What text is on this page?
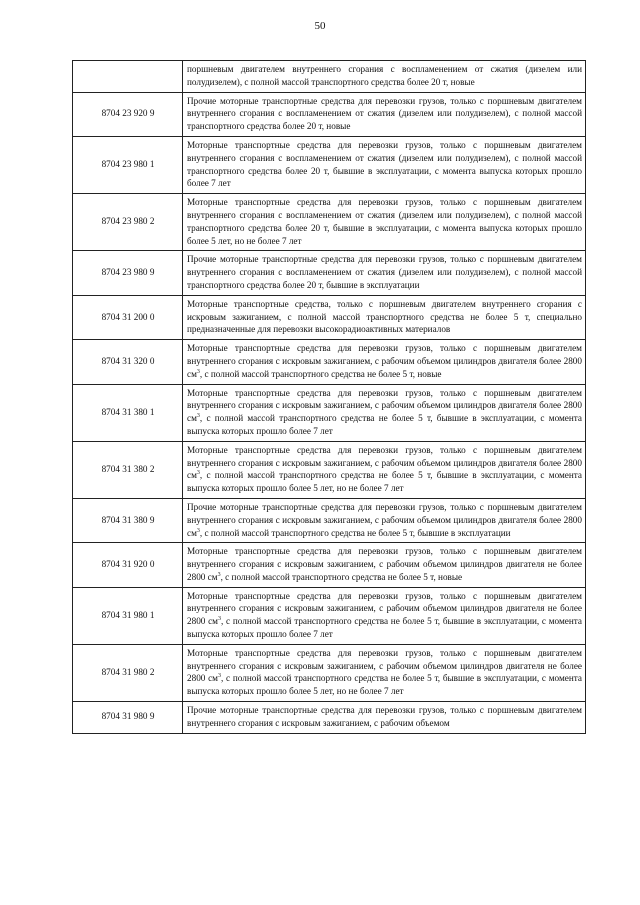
50
	поршневым двигателем внутреннего сгорания с воспламенением от сжатия (дизелем или полудизелем), с полной массой транспортного средства более 20 т, новые
8704 23 920 9	Прочие моторные транспортные средства для перевозки грузов, только с поршневым двигателем внутреннего сгорания с воспламенением от сжатия (дизелем или полудизелем), с полной массой транспортного средства более 20 т, новые
8704 23 980 1	Моторные транспортные средства для перевозки грузов, только с поршневым двигателем внутреннего сгорания с воспламенением от сжатия (дизелем или полудизелем), с полной массой транспортного средства более 20 т, бывшие в эксплуатации, с момента выпуска которых прошло более 7 лет
8704 23 980 2	Моторные транспортные средства для перевозки грузов, только с поршневым двигателем внутреннего сгорания с воспламенением от сжатия (дизелем или полудизелем), с полной массой транспортного средства более 20 т, бывшие в эксплуатации, с момента выпуска которых прошло более 5 лет, но не более 7 лет
8704 23 980 9	Прочие моторные транспортные средства для перевозки грузов, только с поршневым двигателем внутреннего сгорания с воспламенением от сжатия (дизелем или полудизелем), с полной массой транспортного средства более 20 т, бывшие в эксплуатации
8704 31 200 0	Моторные транспортные средства, только с поршневым двигателем внутреннего сгорания с искровым зажиганием, с полной массой транспортного средства не более 5 т, специально предназначенные для перевозки высокорадиоактивных материалов
8704 31 320 0	Моторные транспортные средства для перевозки грузов, только с поршневым двигателем внутреннего сгорания с искровым зажиганием, с рабочим объемом цилиндров двигателя более 2800 $см^3$, с полной массой транспортного средства не более 5 т, новые
8704 31 380 1	Моторные транспортные средства для перевозки грузов, только с поршневым двигателем внутреннего сгорания с искровым зажиганием, с рабочим объемом цилиндров двигателя более 2800 $см^3$, с полной массой транспортного средства не более 5 т, бывшие в эксплуатации, с момента выпуска которых прошло более 7 лет
8704 31 380 2	Моторные транспортные средства для перевозки грузов, только с поршневым двигателем внутреннего сгорания с искровым зажиганием, с рабочим объемом цилиндров двигателя более 2800 $см^3$, с полной массой транспортного средства не более 5 т, бывшие в эксплуатации, с момента выпуска которых прошло более 5 лет, но не более 7 лет
8704 31 380 9	Прочие моторные транспортные средства для перевозки грузов, только с поршневым двигателем внутреннего сгорания с искровым зажиганием, с рабочим объемом цилиндров двигателя более 2800 $см^3$, с полной массой транспортного средства не более 5 т, бывшие в эксплуатации
8704 31 920 0	Моторные транспортные средства для перевозки грузов, только с поршневым двигателем внутреннего сгорания с искровым зажиганием, с рабочим объемом цилиндров двигателя не более 2800 $см^3$, с полной массой транспортного средства не более 5 т, новые
8704 31 980 1	Моторные транспортные средства для перевозки грузов, только с поршневым двигателем внутреннего сгорания с искровым зажиганием, с рабочим объемом цилиндров двигателя не более 2800 $см^3$, с полной массой транспортного средства не более 5 т, бывшие в эксплуатации, с момента выпуска которых прошло более 7 лет
8704 31 980 2	Моторные транспортные средства для перевозки грузов, только с поршневым двигателем внутреннего сгорания с искровым зажиганием, с рабочим объемом цилиндров двигателя не более 2800 $см^3$, с полной массой транспортного средства не более 5 т, бывшие в эксплуатации, с момента выпуска которых прошло более 5 лет, но не более 7 лет
8704 31 980 9	Прочие моторные транспортные средства для перевозки грузов, только с поршневым двигателем внутреннего сгорания с искровым зажиганием, с рабочим объемом
